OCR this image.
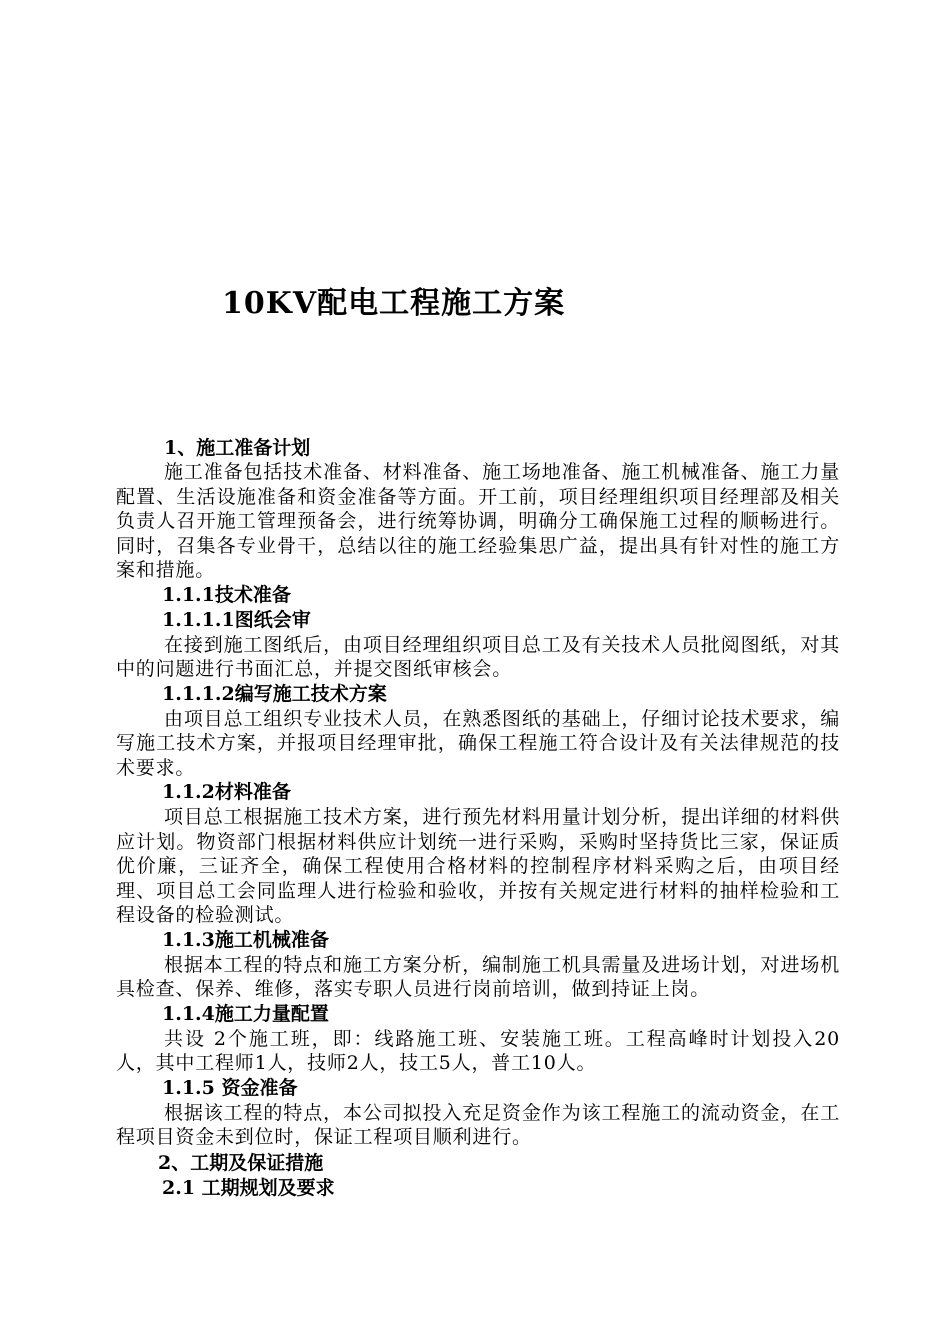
10KV配电工程施工方案
1、施工准备计划

施工准备包括技术准备、材料准备、施工场地准备、施工机械准备、施工力量配置、生活设施准备和资金准备等方面。开工前，项目经理组织项目经理部及相关负责人召开施工管理预备会，进行统筹协调，明确分工确保施工过程的顺畅进行。同时，召集各专业骨干，总结以往的施工经验集思广益，提出具有针对性的施工方案和措施。

1.1.1技术准备
1.1.1.1图纸会审

在接到施工图纸后，由项目经理组织项目总工及有关技术人员批阅图纸，对其中的问题进行书面汇总，并提交图纸审核会。

1.1.1.2编写施工技术方案

由项目总工组织专业技术人员，在熟悉图纸的基础上，仔细讨论技术要求，编写施工技术方案，并报项目经理审批，确保工程施工符合设计及有关法律规范的技术要求。

1.1.2材料准备

项目总工根据施工技术方案，进行预先材料用量计划分析，提出详细的材料供应计划。物资部门根据材料供应计划统一进行采购，采购时坚持货比三家，保证质优价廉，三证齐全，确保工程使用合格材料的控制程序材料采购之后，由项目经理、项目总工会同监理人进行检验和验收，并按有关规定进行材料的抽样检验和工程设备的检验测试。

1.1.3施工机械准备

根据本工程的特点和施工方案分析，编制施工机具需量及进场计划，对进场机具检查、保养、维修，落实专职人员进行岗前培训，做到持证上岗。

1.1.4施工力量配置

共设 2个施工班，即：线路施工班、安装施工班。工程高峰时计划投入20人，其中工程师1人，技师2人，技工5人，普工10人。

1.1.5 资金准备

根据该工程的特点，本公司拟投入充足资金作为该工程施工的流动资金，在工程项目资金未到位时，保证工程项目顺利进行。

2、工期及保证措施
2.1 工期规划及要求
